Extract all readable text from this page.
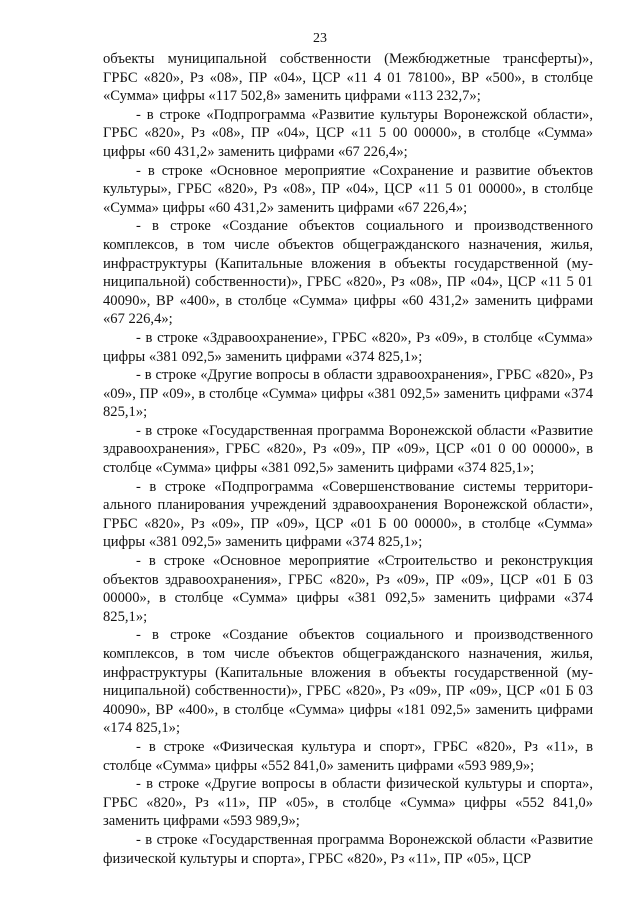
23

объекты муниципальной собственности (Межбюджетные трансферты)», ГРБС «820», Рз «08», ПР «04», ЦСР «11 4 01 78100», ВР «500», в столбце «Сумма» цифры «117 502,8» заменить цифрами «113 232,7»;

- в строке «Подпрограмма «Развитие культуры Воронежской области», ГРБС «820», Рз «08», ПР «04», ЦСР «11 5 00 00000», в столбце «Сумма» цифры «60 431,2» заменить цифрами «67 226,4»;

- в строке «Основное мероприятие «Сохранение и развитие объектов культуры», ГРБС «820», Рз «08», ПР «04», ЦСР «11 5 01 00000», в столбце «Сумма» цифры «60 431,2» заменить цифрами «67 226,4»;

- в строке «Создание объектов социального и производственного комплексов, в том числе объектов общегражданского назначения, жилья, инфраструктуры (Капитальные вложения в объекты государственной (муниципальной) собственности)», ГРБС «820», Рз «08», ПР «04», ЦСР «11 5 01 40090», ВР «400», в столбце «Сумма» цифры «60 431,2» заменить цифрами «67 226,4»;

- в строке «Здравоохранение», ГРБС «820», Рз «09», в столбце «Сумма» цифры «381 092,5» заменить цифрами «374 825,1»;

- в строке «Другие вопросы в области здравоохранения», ГРБС «820», Рз «09», ПР «09», в столбце «Сумма» цифры «381 092,5» заменить цифрами «374 825,1»;

- в строке «Государственная программа Воронежской области «Развитие здравоохранения», ГРБС «820», Рз «09», ПР «09», ЦСР «01 0 00 00000», в столбце «Сумма» цифры «381 092,5» заменить цифрами «374 825,1»;

- в строке «Подпрограмма «Совершенствование системы территориального планирования учреждений здравоохранения Воронежской области», ГРБС «820», Рз «09», ПР «09», ЦСР «01 Б 00 00000», в столбце «Сумма» цифры «381 092,5» заменить цифрами «374 825,1»;

- в строке «Основное мероприятие «Строительство и реконструкция объектов здравоохранения», ГРБС «820», Рз «09», ПР «09», ЦСР «01 Б 03 00000», в столбце «Сумма» цифры «381 092,5» заменить цифрами «374 825,1»;

- в строке «Создание объектов социального и производственного комплексов, в том числе объектов общегражданского назначения, жилья, инфраструктуры (Капитальные вложения в объекты государственной (муниципальной) собственности)», ГРБС «820», Рз «09», ПР «09», ЦСР «01 Б 03 40090», ВР «400», в столбце «Сумма» цифры «181 092,5» заменить цифрами «174 825,1»;

- в строке «Физическая культура и спорт», ГРБС «820», Рз «11», в столбце «Сумма» цифры «552 841,0» заменить цифрами «593 989,9»;

- в строке «Другие вопросы в области физической культуры и спорта», ГРБС «820», Рз «11», ПР «05», в столбце «Сумма» цифры «552 841,0» заменить цифрами «593 989,9»;

- в строке «Государственная программа Воронежской области «Развитие физической культуры и спорта», ГРБС «820», Рз «11», ПР «05», ЦСР
